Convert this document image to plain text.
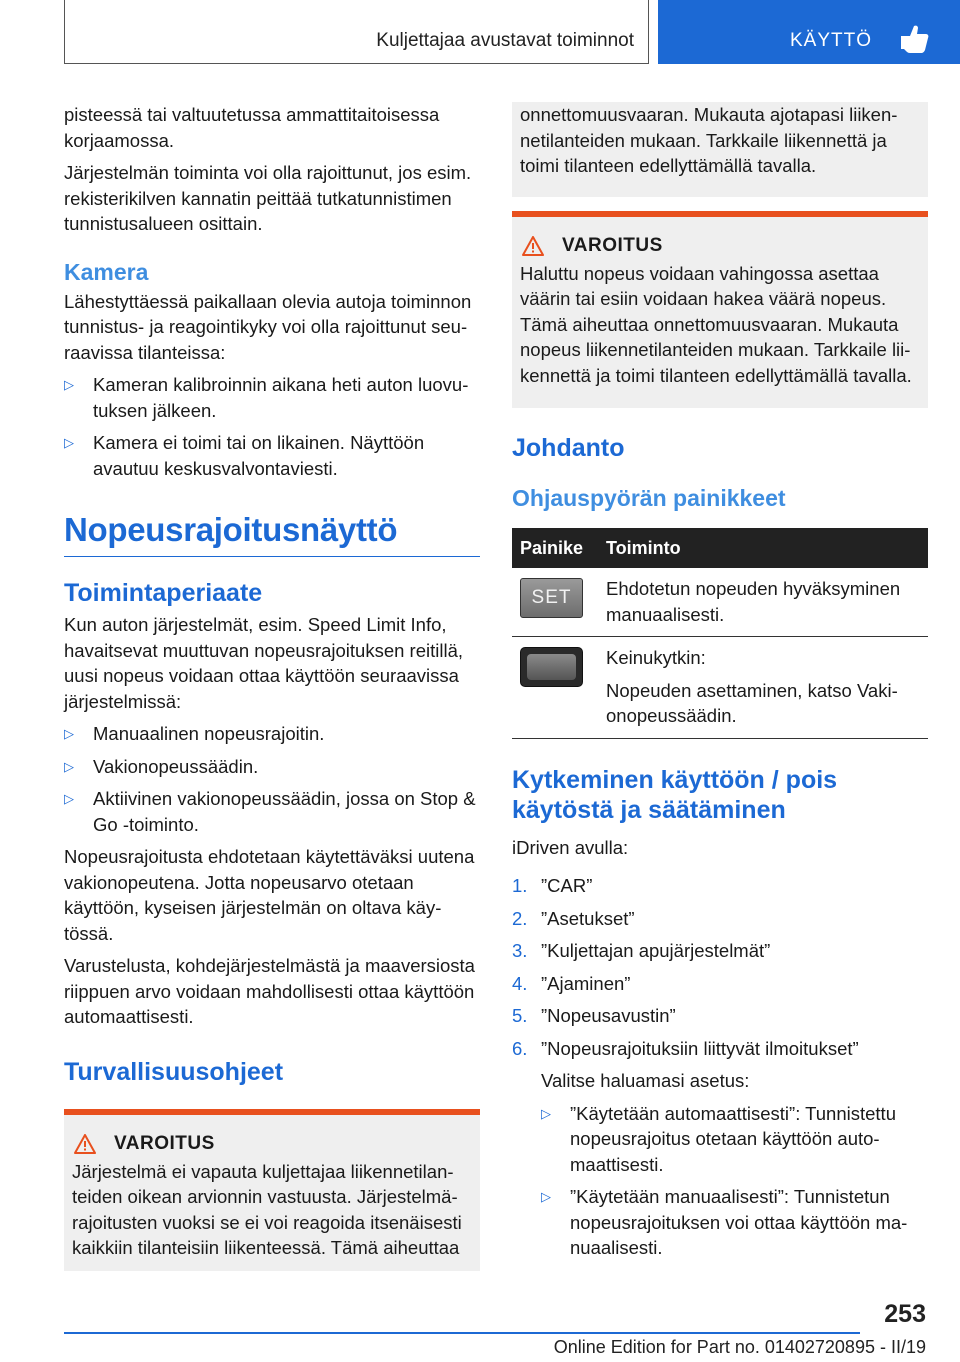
Kuljettajaa avustavat toiminnot	KÄYTTÖ

pisteessä tai valtuutetussa ammattitaitoisessa korjaamossa.

Järjestelmän toiminta voi olla rajoittunut, jos esim. rekisterikilven kannatin peittää tutkatunnistimen tunnistusalueen osittain.

Kamera

Lähestyttäessä paikallaan olevia autoja toiminnon tunnistus- ja reagointikyky voi olla rajoittunut seuraavissa tilanteissa:

▷ Kameran kalibroinnin aikana heti auton luovutuksen jälkeen.
▷ Kamera ei toimi tai on likainen. Näyttöön avautuu keskusvalvontaviesti.
Nopeusrajoitusnäyttö
Toimintaperiaate

Kun auton järjestelmät, esim. Speed Limit Info, havaitsevat muuttuvan nopeusrajoituksen reitillä, uusi nopeus voidaan ottaa käyttöön seuraavissa järjestelmissä:

▷ Manuaalinen nopeusrajoitin.
▷ Vakionopeussäädin.
▷ Aktiivinen vakionopeussäädin, jossa on Stop & Go -toiminto.

Nopeusrajoitusta ehdotetaan käytettäväksi uutena vakionopeutena. Jotta nopeusarvo otetaan käyttöön, kyseisen järjestelmän on oltava käytössä.

Varustelusta, kohdejärjestelmästä ja maaversiosta riippuen arvo voidaan mahdollisesti ottaa käyttöön automaattisesti.

Turvallisuusohjeet
VAROITUS

Järjestelmä ei vapauta kuljettajaa liikennetilanteiden oikean arvionnin vastuusta. Järjestelmärajoitusten vuoksi se ei voi reagoida itsenäisesti kaikkiin tilanteisiin liikenteessä. Tämä aiheuttaa

onnettomuusvaaran. Mukauta ajotapasi liikennetilanteiden mukaan. Tarkkaile liikennettä ja toimi tilanteen edellyttämällä tavalla.

VAROITUS

Haluttu nopeus voidaan vahingossa asettaa väärin tai esiin voidaan hakea väärä nopeus. Tämä aiheuttaa onnettomuusvaaran. Mukauta nopeus liikennetilanteiden mukaan. Tarkkaile liikennettä ja toimi tilanteen edellyttämällä tavalla.

Johdanto
Ohjauspyörän painikkeet
Painike	Toiminto

SET	Ehdotetun nopeuden hyväksyminen manuaalisesti.

	Keinukytkin:
Nopeuden asettaminen, katso Vakionopeussäädin.
Kytkeminen käyttöön / pois käytöstä ja säätäminen

iDriven avulla:

1. ”CAR”
2. ”Asetukset”
3. ”Kuljettajan apujärjestelmät”
4. ”Ajaminen”
5. ”Nopeusavustin”
6. ”Nopeusrajoituksiin liittyvät ilmoitukset”
Valitse haluamasi asetus:
▷ ”Käytetään automaattisesti”: Tunnistettu nopeusrajoitus otetaan käyttöön automaattisesti.
▷ ”Käytetään manuaalisesti”: Tunnistetun nopeusrajoituksen voi ottaa käyttöön manuaalisesti.
253
Online Edition for Part no. 01402720895 - II/19
